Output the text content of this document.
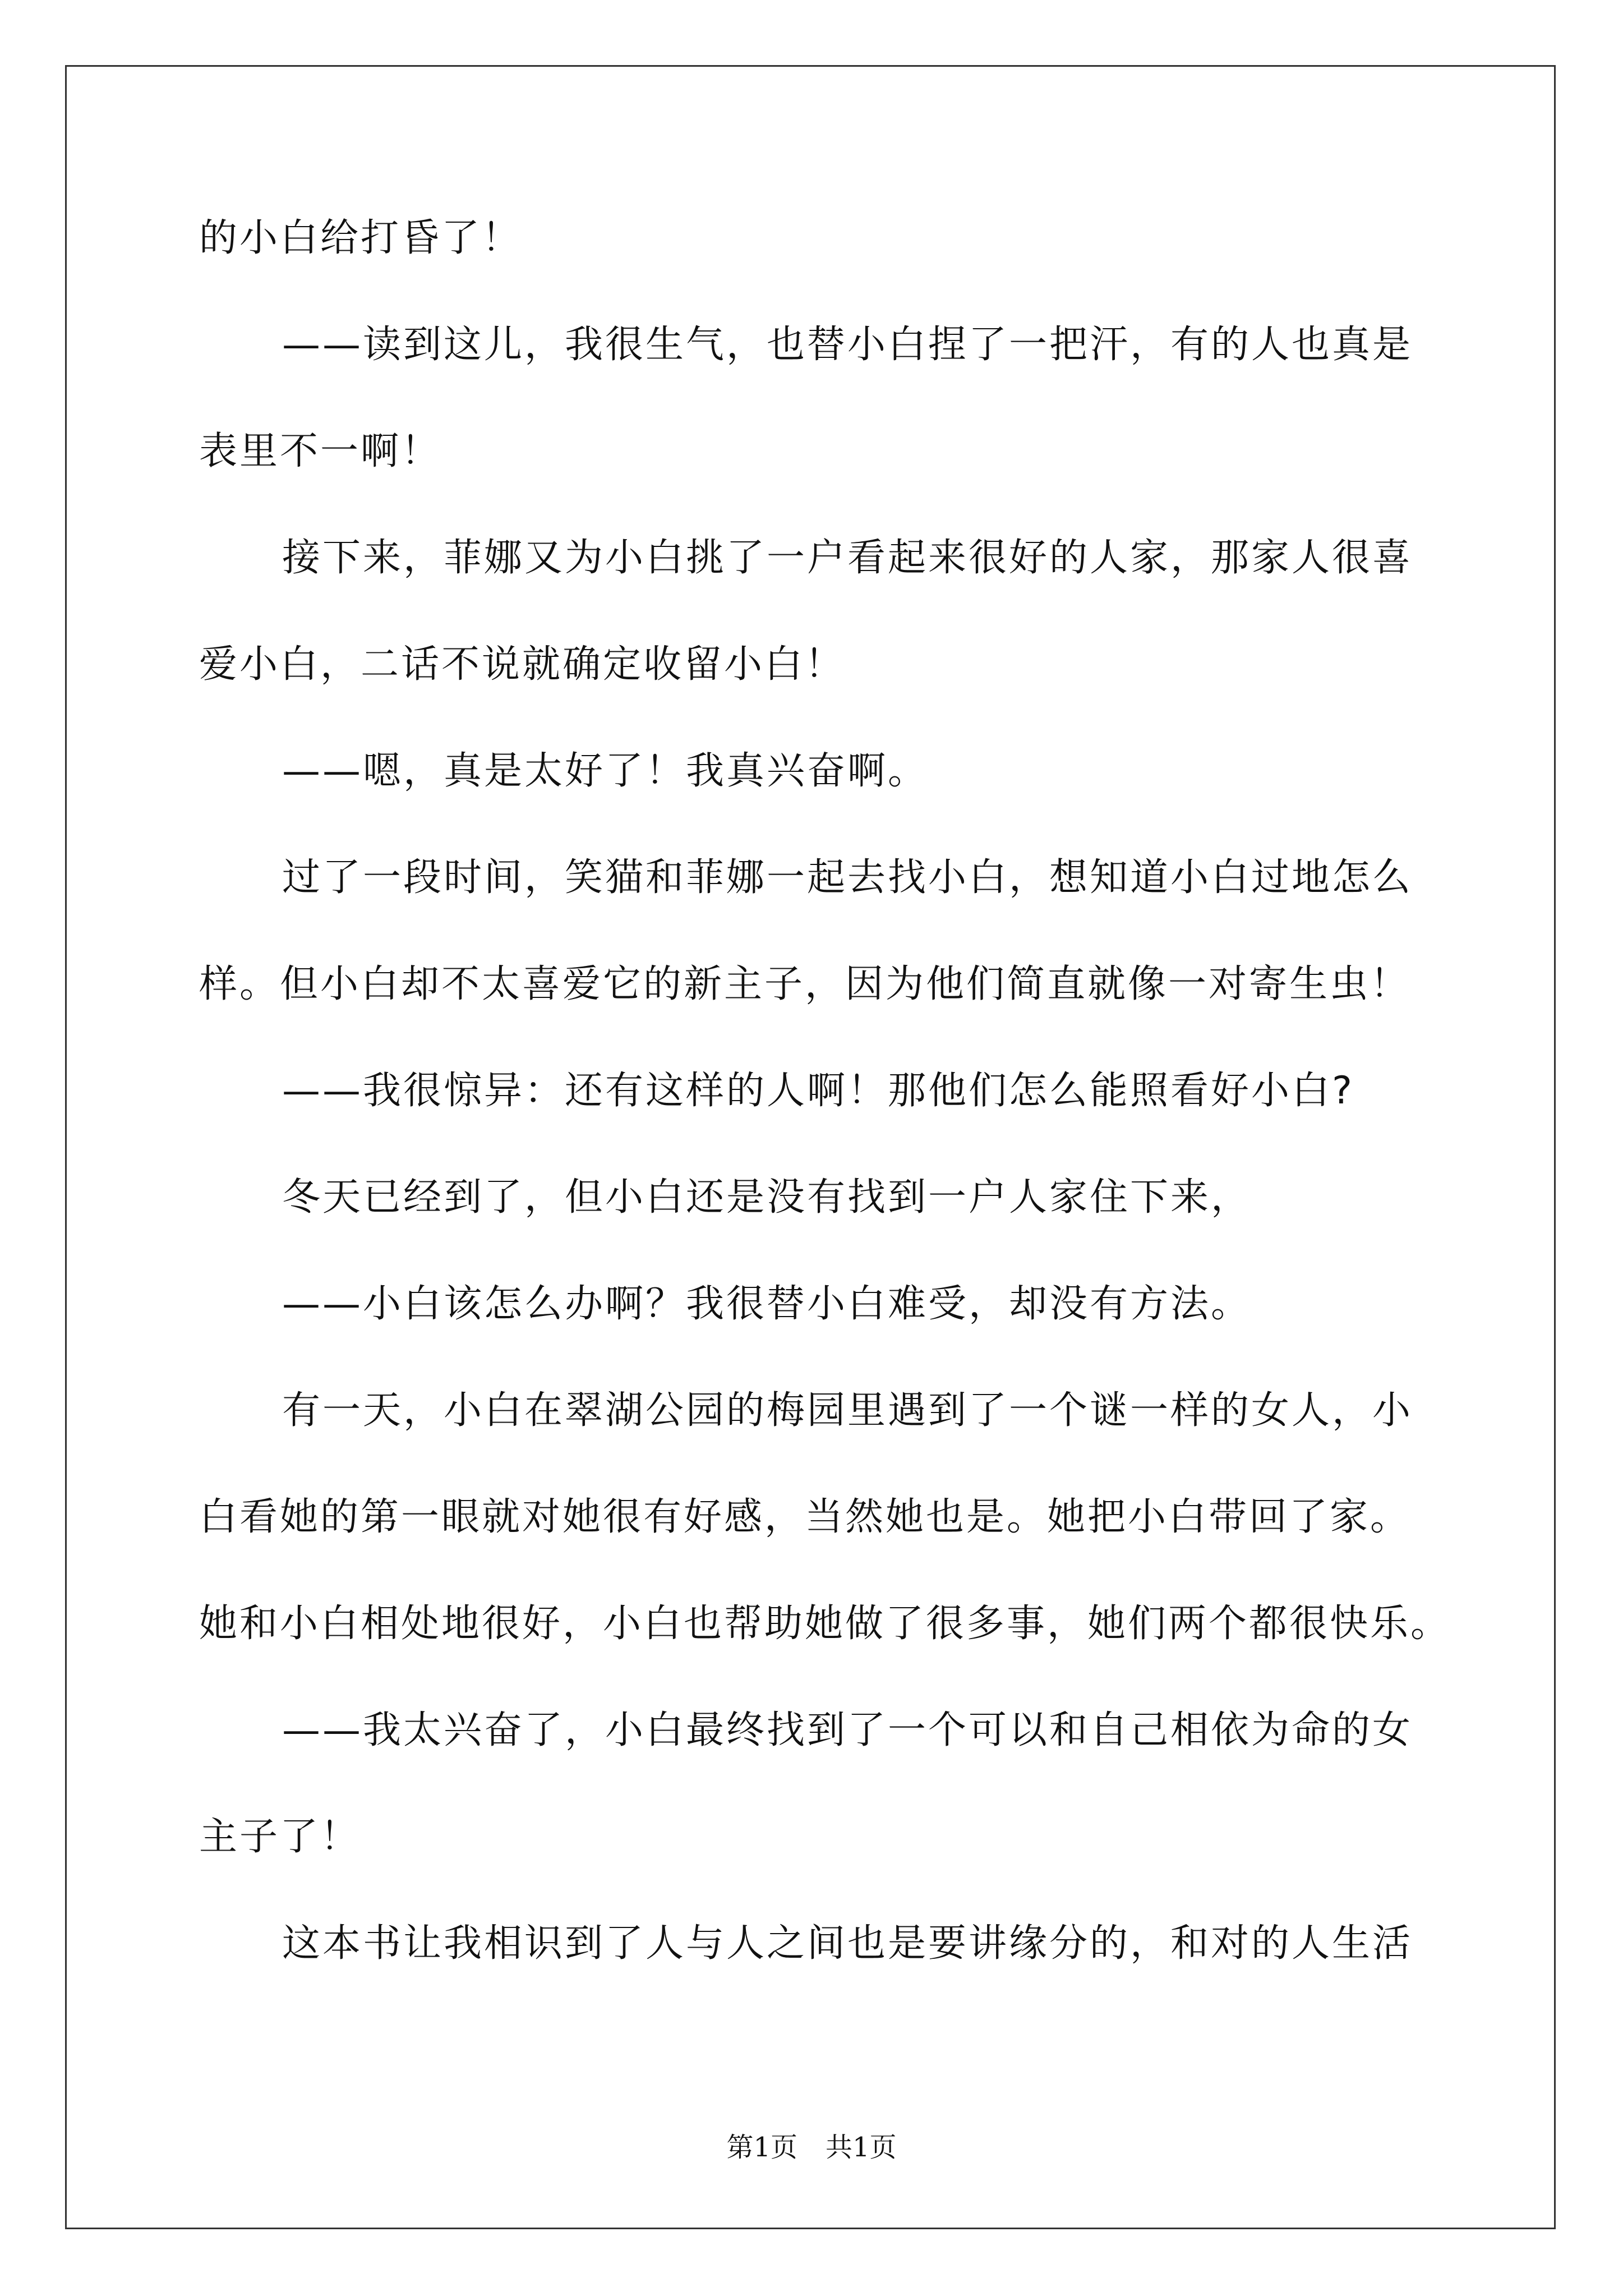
的小白给打昏了！
——读到这儿，我很生气，也替小白捏了一把汗，有的人也真是
表里不一啊！
接下来，菲娜又为小白挑了一户看起来很好的人家，那家人很喜
爱小白，二话不说就确定收留小白！
——嗯，真是太好了！我真兴奋啊。
过了一段时间，笑猫和菲娜一起去找小白，想知道小白过地怎么
样。但小白却不太喜爱它的新主子，因为他们简直就像一对寄生虫！
——我很惊异：还有这样的人啊！那他们怎么能照看好小白?
冬天已经到了，但小白还是没有找到一户人家住下来，
——小白该怎么办啊？我很替小白难受，却没有方法。
有一天，小白在翠湖公园的梅园里遇到了一个谜一样的女人，小
白看她的第一眼就对她很有好感，当然她也是。她把小白带回了家。
她和小白相处地很好，小白也帮助她做了很多事，她们两个都很快乐。
——我太兴奋了，小白最终找到了一个可以和自己相依为命的女
主子了！
这本书让我相识到了人与人之间也是要讲缘分的，和对的人生活
第1页 共1页
